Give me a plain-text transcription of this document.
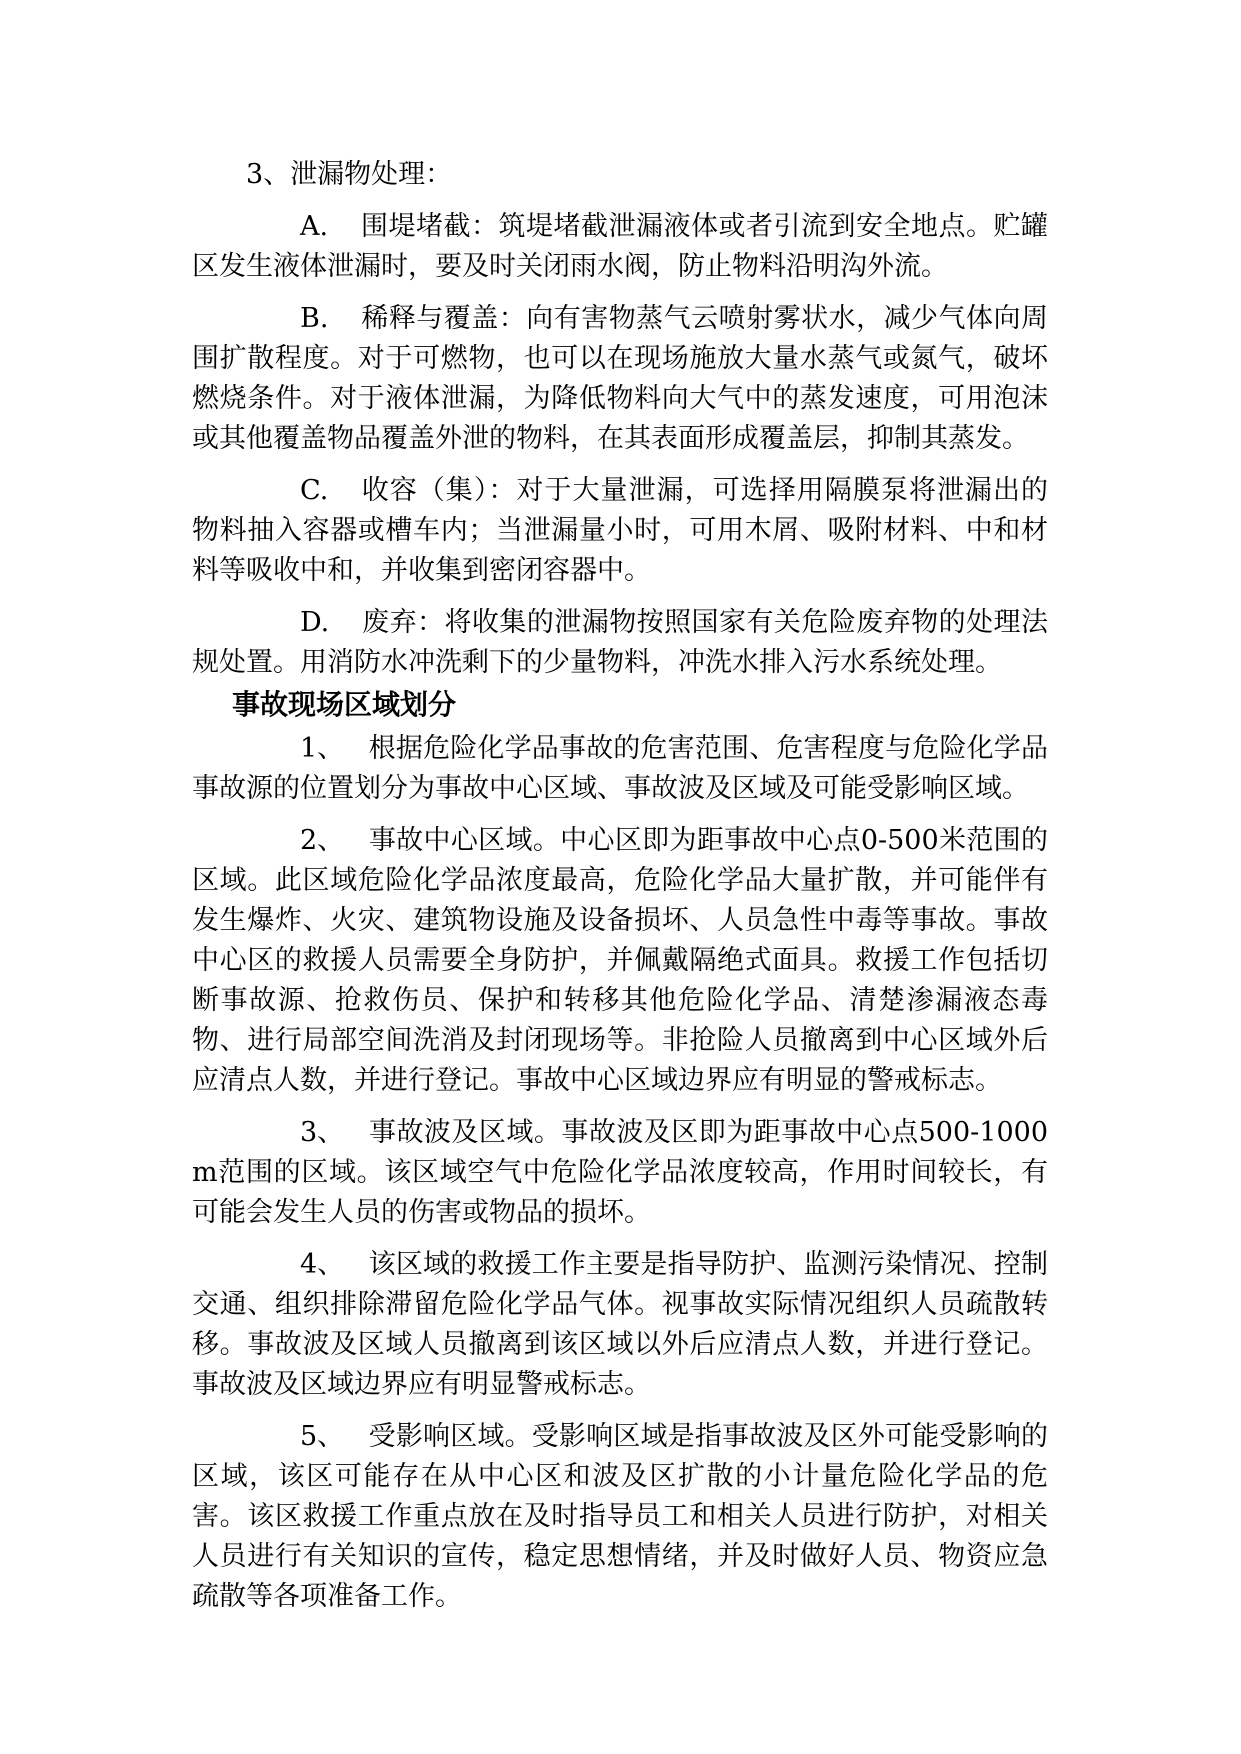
3、泄漏物处理：

A. 围堤堵截：筑堤堵截泄漏液体或者引流到安全地点。贮罐区发生液体泄漏时，要及时关闭雨水阀，防止物料沿明沟外流。

B. 稀释与覆盖：向有害物蒸气云喷射雾状水，减少气体向周围扩散程度。对于可燃物，也可以在现场施放大量水蒸气或氮气，破坏燃烧条件。对于液体泄漏，为降低物料向大气中的蒸发速度，可用泡沫或其他覆盖物品覆盖外泄的物料，在其表面形成覆盖层，抑制其蒸发。

C. 收容（集）：对于大量泄漏，可选择用隔膜泵将泄漏出的物料抽入容器或槽车内；当泄漏量小时，可用木屑、吸附材料、中和材料等吸收中和，并收集到密闭容器中。

D. 废弃：将收集的泄漏物按照国家有关危险废弃物的处理法规处置。用消防水冲洗剩下的少量物料，冲洗水排入污水系统处理。

事故现场区域划分

1、 根据危险化学品事故的危害范围、危害程度与危险化学品事故源的位置划分为事故中心区域、事故波及区域及可能受影响区域。

2、 事故中心区域。中心区即为距事故中心点0-500米范围的区域。此区域危险化学品浓度最高，危险化学品大量扩散，并可能伴有发生爆炸、火灾、建筑物设施及设备损坏、人员急性中毒等事故。事故中心区的救援人员需要全身防护，并佩戴隔绝式面具。救援工作包括切断事故源、抢救伤员、保护和转移其他危险化学品、清楚渗漏液态毒物、进行局部空间洗消及封闭现场等。非抢险人员撤离到中心区域外后应清点人数，并进行登记。事故中心区域边界应有明显的警戒标志。

3、 事故波及区域。事故波及区即为距事故中心点500-1000m范围的区域。该区域空气中危险化学品浓度较高，作用时间较长，有可能会发生人员的伤害或物品的损坏。

4、 该区域的救援工作主要是指导防护、监测污染情况、控制交通、组织排除滞留危险化学品气体。视事故实际情况组织人员疏散转移。事故波及区域人员撤离到该区域以外后应清点人数，并进行登记。事故波及区域边界应有明显警戒标志。

5、 受影响区域。受影响区域是指事故波及区外可能受影响的区域，该区可能存在从中心区和波及区扩散的小计量危险化学品的危害。该区救援工作重点放在及时指导员工和相关人员进行防护，对相关人员进行有关知识的宣传，稳定思想情绪，并及时做好人员、物资应急疏散等各项准备工作。
